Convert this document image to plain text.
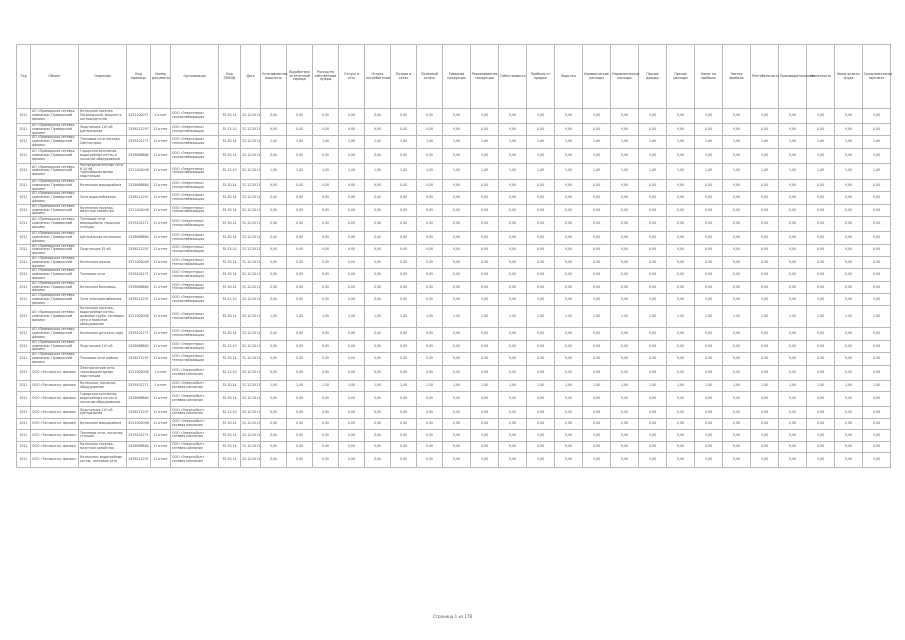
Год	Объект	Описание	Код единицы	Номер документа	Организация	Код ОКВЭД	Дата	Установленная мощность	Выработано за отчетный период	Расход на собственные нужды	Отпуск в сеть	Отпуск потребителям	Потери в сетях	Полезный отпуск	Товарная продукция	Реализованная продукция	Себестоимость	Прибыль от продаж	Выручка	Коммерческие расходы	Управленческие расходы	Прочие доходы	Прочие расходы	Налог на прибыль	Чистая прибыль	Рентабельность	Производительность	Численность	Фонд оплаты труда	Среднемесячная зарплата
2011	АО «Приморская сетевая компания» Приморский филиал	Котельная поселка Пограничный, мощность котлоагрегатов	4232100071	1 отчет	ООО «Энергетика» теплоснабжающая	35.30.14	31.12.2011	0,00	0,00	0,00	0,00	0,00	0,00	0,00	0,00	0,00	0,00	0,00	0,00	0,00	0,00	0,00	0,00	0,00	0,00	0,00	0,00	0,00	0,00	0,00
2011	АО «Приморская сетевая компания» Приморский филиал	Подстанция 110 кВ Центральная	2536111297	11 отчет	ООО «Энергетика» теплоснабжающая	35.12.10	31.12.2011	0,00	0,00	0,00	0,00	0,00	0,00	0,00	0,00	0,00	0,00	0,00	0,00	0,00	0,00	0,00	0,00	0,00	0,00	0,00	0,00	0,00	0,00	0,00
2011	АО «Приморская сетевая компания» Приморский филиал	Тепловые сети поселка Светлогорье	2539101271	11 отчет	ООО «Энергетика» теплоснабжающая	35.30.14	31.12.2011	1,00	1,00	1,00	1,00	1,00	1,00	1,00	1,00	1,00	1,00	1,00	1,00	1,00	1,00	1,00	1,00	1,00	1,00	1,00	1,00	1,00	1,00	1,00
2011	АО «Приморская сетевая компания» Приморский филиал	Городская котельная, водогрейные котлы и насосное оборудование	2538066884	11 отчет	ООО «Энергетика» теплоснабжающая	35.30.14	31.12.2011	0,00	0,00	0,00	0,00	0,00	0,00	0,00	0,00	0,00	0,00	0,00	0,00	0,00	0,00	0,00	0,00	0,00	0,00	0,00	0,00	0,00	0,00	0,00
2011	АО «Приморская сетевая компания» Приморский филиал	Распределительные сети 6-10 кВ, трансформаторные подстанции	2511004006	11 отчет	ООО «Энергетика» теплоснабжающая	35.12.10	31.12.2011	1,00	1,00	1,00	1,00	1,00	1,00	1,00	1,00	1,00	1,00	1,00	1,00	1,00	1,00	1,00	1,00	1,00	1,00	1,00	1,00	1,00	1,00	1,00
2011	АО «Приморская сетевая компания» Приморский филиал	Котельная микрорайона	2538066884	11 отчет	ООО «Энергетика» теплоснабжающая	35.30.14	31.12.2011	0,00	0,00	0,00	0,00	0,00	0,00	0,00	0,00	0,00	0,00	0,00	0,00	0,00	0,00	0,00	0,00	0,00	0,00	0,00	0,00	0,00	0,00	0,00
2011	АО «Приморская сетевая компания» Приморский филиал	Сети водоснабжения	2536111297	11 отчет	ООО «Энергетика» теплоснабжающая	35.30.14	31.12.2011	0,00	0,00	0,00	0,00	0,00	0,00	0,00	0,00	0,00	0,00	0,00	0,00	0,00	0,00	0,00	0,00	0,00	0,00	0,00	0,00	0,00	0,00	0,00
2011	АО «Приморская сетевая компания» Приморский филиал	Котельная поселка, мазутное хозяйство	2511004006	11 отчет	ООО «Энергетика» теплоснабжающая	35.30.14	31.12.2011	0,00	0,00	0,00	0,00	0,00	0,00	0,00	0,00	0,00	0,00	0,00	0,00	0,00	0,00	0,00	0,00	0,00	0,00	0,00	0,00	0,00	0,00	0,00
2011	АО «Приморская сетевая компания» Приморский филиал	Тепловые сети микрорайона, насосная станция	2539101271	11 отчет	ООО «Энергетика» теплоснабжающая	35.30.14	31.12.2011	0,00	0,00	0,00	0,00	0,00	0,00	0,00	0,00	0,00	0,00	0,00	0,00	0,00	0,00	0,00	0,00	0,00	0,00	0,00	0,00	0,00	0,00	0,00
2011	АО «Приморская сетевая компания» Приморский филиал	Центральная котельная	2538066884	11 отчет	ООО «Энергетика» теплоснабжающая	35.30.14	31.12.2011	0,00	0,00	0,00	0,00	0,00	0,00	0,00	0,00	0,00	0,00	0,00	0,00	0,00	0,00	0,00	0,00	0,00	0,00	0,00	0,00	0,00	0,00	0,00
2011	АО «Приморская сетевая компания» Приморский филиал	Подстанция 35 кВ	2536111297	11 отчет	ООО «Энергетика» теплоснабжающая	35.12.10	31.12.2011	0,00	0,00	0,00	0,00	0,00	0,00	0,00	0,00	0,00	0,00	0,00	0,00	0,00	0,00	0,00	0,00	0,00	0,00	0,00	0,00	0,00	0,00	0,00
2011	АО «Приморская сетевая компания» Приморский филиал	Котельная школы	2511004006	11 отчет	ООО «Энергетика» теплоснабжающая	35.30.14	31.12.2011	0,00	0,00	0,00	0,00	0,00	0,00	0,00	0,00	0,00	0,00	0,00	0,00	0,00	0,00	0,00	0,00	0,00	0,00	0,00	0,00	0,00	0,00	0,00
2011	АО «Приморская сетевая компания» Приморский филиал	Тепловые сети	2539101271	11 отчет	ООО «Энергетика» теплоснабжающая	35.30.14	31.12.2011	0,00	0,00	0,00	0,00	0,00	0,00	0,00	0,00	0,00	0,00	0,00	0,00	0,00	0,00	0,00	0,00	0,00	0,00	0,00	0,00	0,00	0,00	0,00
2011	АО «Приморская сетевая компания» Приморский филиал	Котельная больницы	2538066884	11 отчет	ООО «Энергетика» теплоснабжающая	35.30.14	31.12.2011	0,00	0,00	0,00	0,00	0,00	0,00	0,00	0,00	0,00	0,00	0,00	0,00	0,00	0,00	0,00	0,00	0,00	0,00	0,00	0,00	0,00	0,00	0,00
2011	АО «Приморская сетевая компания» Приморский филиал	Сети электроснабжения	2536111297	11 отчет	ООО «Энергетика» теплоснабжающая	35.12.10	31.12.2011	0,00	0,00	0,00	0,00	0,00	0,00	0,00	0,00	0,00	0,00	0,00	0,00	0,00	0,00	0,00	0,00	0,00	0,00	0,00	0,00	0,00	0,00	0,00
2011	АО «Приморская сетевая компания» Приморский филиал	Котельная поселка, водогрейные котлы, дымовая труба, тепловые сети и насосное оборудование	2511004006	11 отчет	ООО «Энергетика» теплоснабжающая	35.30.14	31.12.2011	1,00	1,00	1,00	1,00	1,00	1,00	1,00	1,00	1,00	1,00	1,00	1,00	1,00	1,00	1,00	1,00	1,00	1,00	1,00	1,00	1,00	1,00	1,00
2011	АО «Приморская сетевая компания» Приморский филиал	Котельная детского сада	2539101271	11 отчет	ООО «Энергетика» теплоснабжающая	35.30.14	31.12.2011	0,00	0,00	0,00	0,00	0,00	0,00	0,00	0,00	0,00	0,00	0,00	0,00	0,00	0,00	0,00	0,00	0,00	0,00	0,00	0,00	0,00	0,00	0,00
2011	АО «Приморская сетевая компания» Приморский филиал	Подстанция 110 кВ	2538066884	11 отчет	ООО «Энергетика» теплоснабжающая	35.12.10	31.12.2011	0,00	0,00	0,00	0,00	0,00	0,00	0,00	0,00	0,00	0,00	0,00	0,00	0,00	0,00	0,00	0,00	0,00	0,00	0,00	0,00	0,00	0,00	0,00
2011	АО «Приморская сетевая компания» Приморский филиал	Тепловые сети района	2536111297	11 отчет	ООО «Энергетика» теплоснабжающая	35.30.14	31.12.2011	0,00	0,00	0,00	0,00	0,00	0,00	0,00	0,00	0,00	0,00	0,00	0,00	0,00	0,00	0,00	0,00	0,00	0,00	0,00	0,00	0,00	0,00	0,00
2011	ООО «Теплосеть» филиал	Электрические сети, трансформаторные подстанции	2511004006	1 отчет	ООО «Энергосбыт» сетевая компания	35.12.10	31.12.2011	0,00	0,00	0,00	0,00	0,00	0,00	0,00	0,00	0,00	0,00	0,00	0,00	0,00	0,00	0,00	0,00	0,00	0,00	0,00	0,00	0,00	0,00	0,00
2011	ООО «Теплосеть» филиал	Котельная, насосное оборудование	2539101271	1 отчет	ООО «Энергосбыт» сетевая компания	35.30.14	31.12.2011	1,00	1,00	1,00	1,00	1,00	1,00	1,00	1,00	1,00	1,00	1,00	1,00	1,00	1,00	1,00	1,00	1,00	1,00	1,00	1,00	1,00	1,00	1,00
2011	ООО «Теплосеть» филиал	Городская котельная, водогрейные котлы и насосное оборудование	2538066884	11 отчет	ООО «Энергосбыт» сетевая компания	35.30.14	31.12.2011	0,00	0,00	0,00	0,00	0,00	0,00	0,00	0,00	0,00	0,00	0,00	0,00	0,00	0,00	0,00	0,00	0,00	0,00	0,00	0,00	0,00	0,00	0,00
2011	ООО «Теплосеть» филиал	Подстанция 110 кВ Центральная	2536111297	11 отчет	ООО «Энергосбыт» сетевая компания	35.12.10	31.12.2011	0,00	0,00	0,00	0,00	0,00	0,00	0,00	0,00	0,00	0,00	0,00	0,00	0,00	0,00	0,00	0,00	0,00	0,00	0,00	0,00	0,00	0,00	0,00
2011	ООО «Теплосеть» филиал	Котельная микрорайона	2511004006	11 отчет	ООО «Энергосбыт» сетевая компания	35.30.14	31.12.2011	0,00	0,00	0,00	0,00	0,00	0,00	0,00	0,00	0,00	0,00	0,00	0,00	0,00	0,00	0,00	0,00	0,00	0,00	0,00	0,00	0,00	0,00	0,00
2011	ООО «Теплосеть» филиал	Тепловые сети, насосная станция	2539101271	11 отчет	ООО «Энергосбыт» сетевая компания	35.30.14	31.12.2011	0,00	0,00	0,00	0,00	0,00	0,00	0,00	0,00	0,00	0,00	0,00	0,00	0,00	0,00	0,00	0,00	0,00	0,00	0,00	0,00	0,00	0,00	0,00
2011	ООО «Теплосеть» филиал	Котельная поселка, мазутное хозяйство	2538066884	11 отчет	ООО «Энергосбыт» сетевая компания	35.30.14	31.12.2011	0,00	0,00	0,00	0,00	0,00	0,00	0,00	0,00	0,00	0,00	0,00	0,00	0,00	0,00	0,00	0,00	0,00	0,00	0,00	0,00	0,00	0,00	0,00
2011	ООО «Теплосеть» филиал	Котельная, водогрейные котлы, тепловые сети	2536111297	11 отчет	ООО «Энергосбыт» сетевая компания	35.30.14	31.12.2011	0,00	0,00	0,00	0,00	0,00	0,00	0,00	0,00	0,00	0,00	0,00	0,00	0,00	0,00	0,00	0,00	0,00	0,00	0,00	0,00	0,00	0,00	0,00
Страница 1 из 178
